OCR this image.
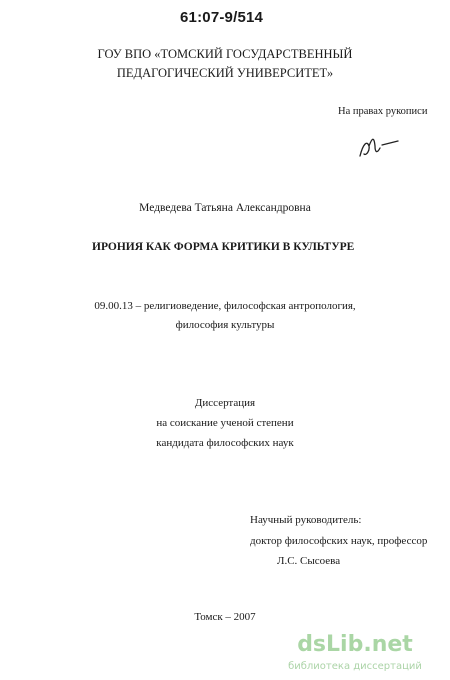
61:07-9/514
ГОУ ВПО «ТОМСКИЙ ГОСУДАРСТВЕННЫЙ
ПЕДАГОГИЧЕСКИЙ УНИВЕРСИТЕТ»
На правах рукописи
Медведева Татьяна Александровна
ИРОНИЯ КАК ФОРМА КРИТИКИ В КУЛЬТУРЕ
09.00.13 – религиоведение, философская антропология,
философия культуры
Диссертация
на соискание ученой степени
кандидата философских наук
Научный руководитель:
доктор философских наук, профессор
Л.С. Сысоева
Томск – 2007
dsLib.net
библиотека диссертаций
